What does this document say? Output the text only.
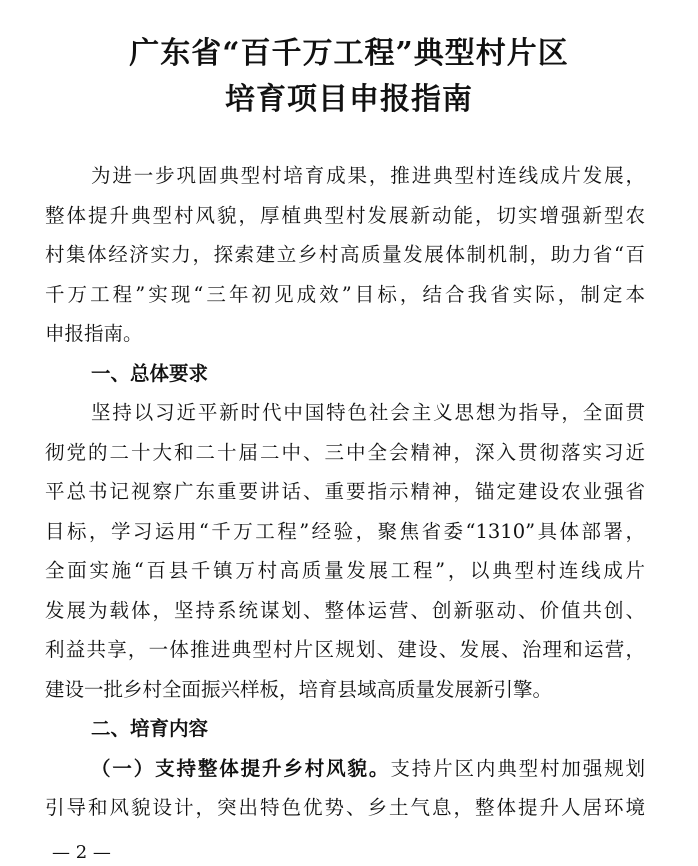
广东省“百千万工程”典型村片区
培育项目申报指南
为进一步巩固典型村培育成果，推进典型村连线成片发展，
整体提升典型村风貌，厚植典型村发展新动能，切实增强新型农
村集体经济实力，探索建立乡村高质量发展体制机制，助力省“百
千万工程”实现“三年初见成效”目标，结合我省实际，制定本
申报指南。
一、总体要求
坚持以习近平新时代中国特色社会主义思想为指导，全面贯
彻党的二十大和二十届二中、三中全会精神，深入贯彻落实习近
平总书记视察广东重要讲话、重要指示精神，锚定建设农业强省
目标，学习运用“千万工程”经验，聚焦省委“1310”具体部署，
全面实施“百县千镇万村高质量发展工程”，以典型村连线成片
发展为载体，坚持系统谋划、整体运营、创新驱动、价值共创、
利益共享，一体推进典型村片区规划、建设、发展、治理和运营，
建设一批乡村全面振兴样板，培育县域高质量发展新引擎。
二、培育内容
（一）支持整体提升乡村风貌。支持片区内典型村加强规划
引导和风貌设计，突出特色优势、乡土气息，整体提升人居环境
— 2 —
